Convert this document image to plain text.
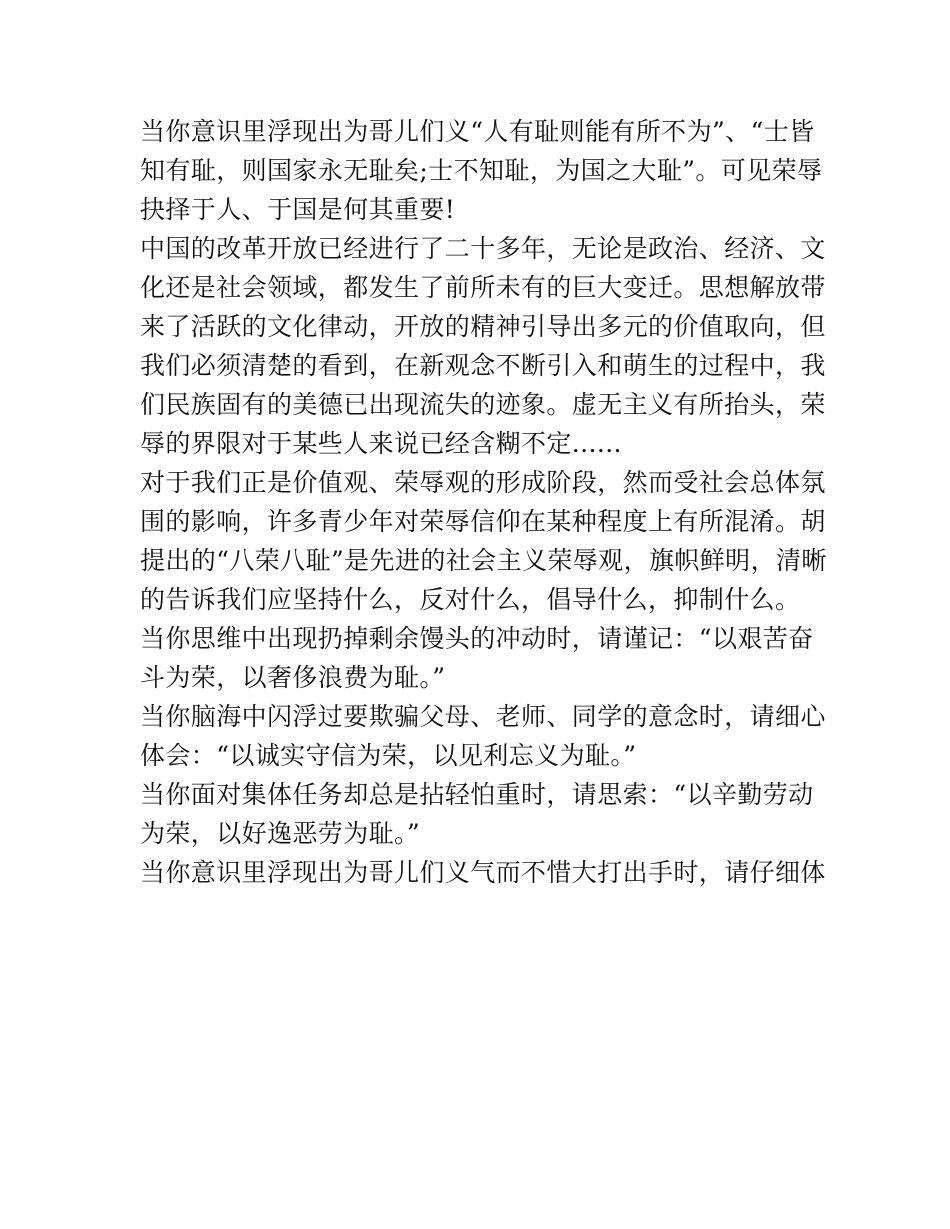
当你意识里浮现出为哥儿们义“人有耻则能有所不为”、“士皆
知有耻，则国家永无耻矣;士不知耻，为国之大耻”。可见荣辱
抉择于人、于国是何其重要!
中国的改革开放已经进行了二十多年，无论是政治、经济、文
化还是社会领域，都发生了前所未有的巨大变迁。思想解放带
来了活跃的文化律动，开放的精神引导出多元的价值取向，但
我们必须清楚的看到，在新观念不断引入和萌生的过程中，我
们民族固有的美德已出现流失的迹象。虚无主义有所抬头，荣
辱的界限对于某些人来说已经含糊不定......
对于我们正是价值观、荣辱观的形成阶段，然而受社会总体氛
围的影响，许多青少年对荣辱信仰在某种程度上有所混淆。胡
提出的“八荣八耻”是先进的社会主义荣辱观，旗帜鲜明，清晰
的告诉我们应坚持什么，反对什么，倡导什么，抑制什么。
当你思维中出现扔掉剩余馒头的冲动时，请谨记：“以艰苦奋
斗为荣，以奢侈浪费为耻。”
当你脑海中闪浮过要欺骗父母、老师、同学的意念时，请细心
体会：“以诚实守信为荣，以见利忘义为耻。”
当你面对集体任务却总是拈轻怕重时，请思索：“以辛勤劳动
为荣，以好逸恶劳为耻。”
当你意识里浮现出为哥儿们义气而不惜大打出手时，请仔细体
